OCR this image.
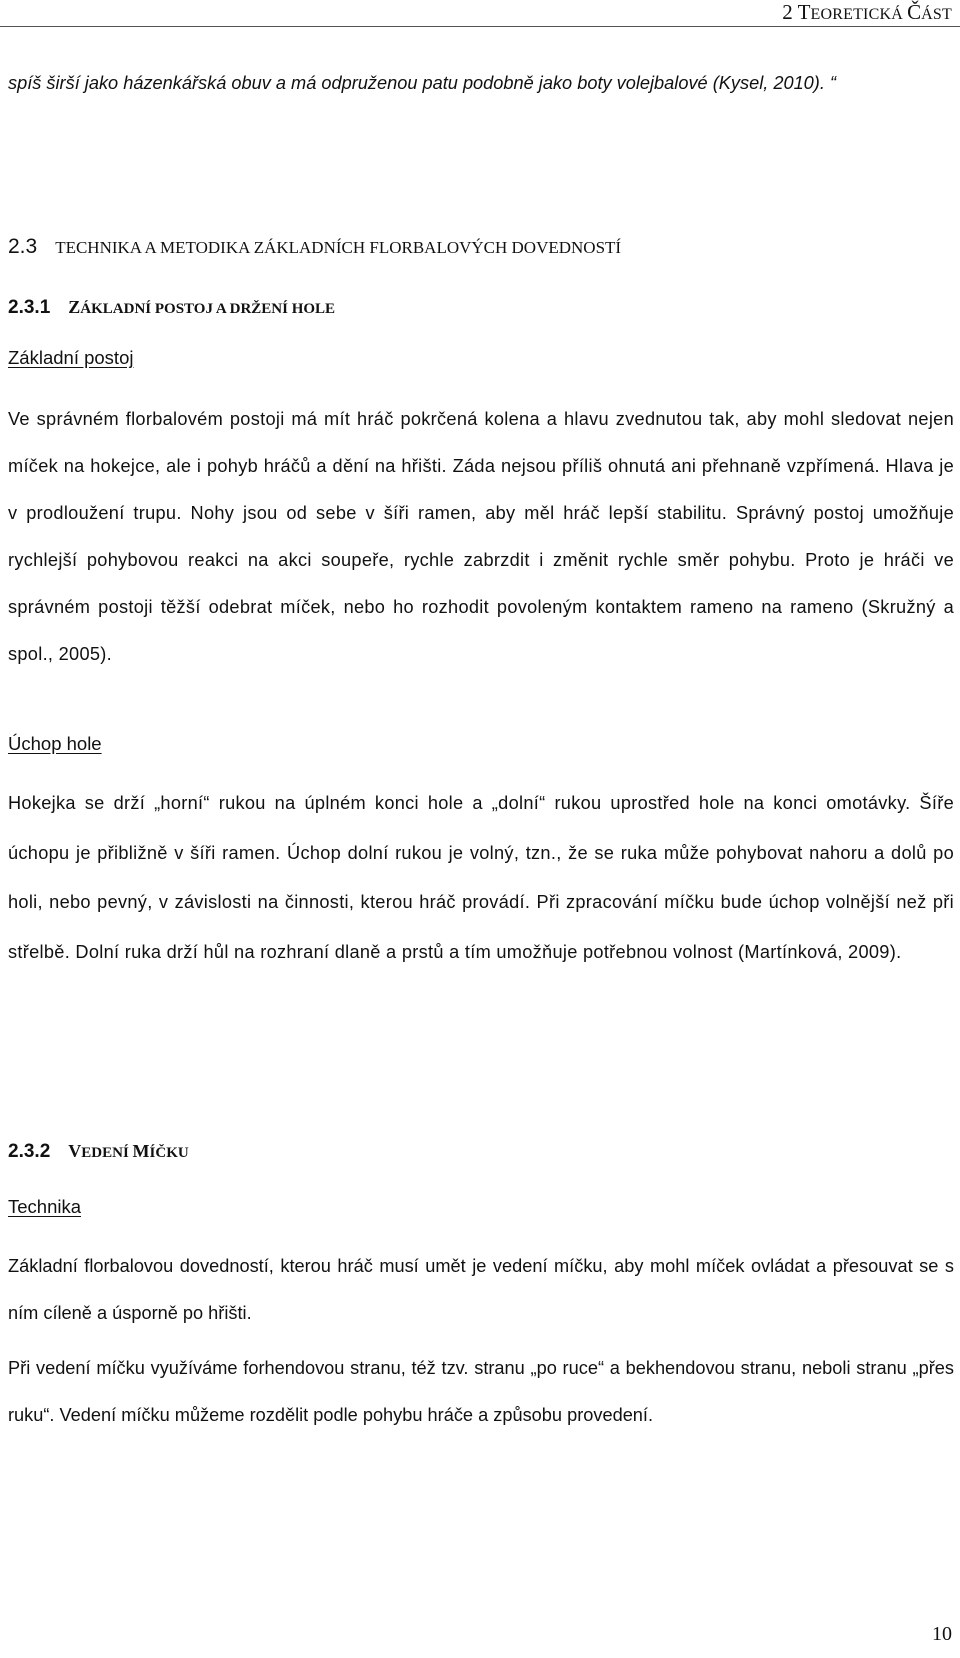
2 TEORETICKÁ ČÁST

spíš širší jako házenkářská obuv a má odpruženou patu podobně jako boty volejbalové (Kysel, 2010). “

2.3 TECHNIKA A METODIKA ZÁKLADNÍCH FLORBALOVÝCH DOVEDNOSTÍ
2.3.1 ZÁKLADNÍ POSTOJ A DRŽENÍ HOLE
Základní postoj

Ve správném florbalovém postoji má mít hráč pokrčená kolena a hlavu zvednutou tak, aby mohl sledovat nejen míček na hokejce, ale i pohyb hráčů a dění na hřišti. Záda nejsou příliš ohnutá ani přehnaně vzpřímená. Hlava je v prodloužení trupu. Nohy jsou od sebe v šíři ramen, aby měl hráč lepší stabilitu. Správný postoj umožňuje rychlejší pohybovou reakci na akci soupeře, rychle zabrzdit i změnit rychle směr pohybu. Proto je hráči ve správném postoji těžší odebrat míček, nebo ho rozhodit povoleným kontaktem rameno na rameno (Skružný a spol., 2005).

Úchop hole

Hokejka se drží „horní“ rukou na úplném konci hole a „dolní“ rukou uprostřed hole na konci omotávky. Šíře úchopu je přibližně v šíři ramen. Úchop dolní rukou je volný, tzn., že se ruka může pohybovat nahoru a dolů po holi, nebo pevný, v závislosti na činnosti, kterou hráč provádí. Při zpracování míčku bude úchop volnější než při střelbě. Dolní ruka drží hůl na rozhraní dlaně a prstů a tím umožňuje potřebnou volnost (Martínková, 2009).

2.3.2 VEDENÍ MÍČKU
Technika

Základní florbalovou dovedností, kterou hráč musí umět je vedení míčku, aby mohl míček ovládat a přesouvat se s ním cíleně a úsporně po hřišti.

Při vedení míčku využíváme forhendovou stranu, též tzv. stranu „po ruce“ a bekhendovou stranu, neboli stranu „přes ruku“. Vedení míčku můžeme rozdělit podle pohybu hráče a způsobu provedení.

10
